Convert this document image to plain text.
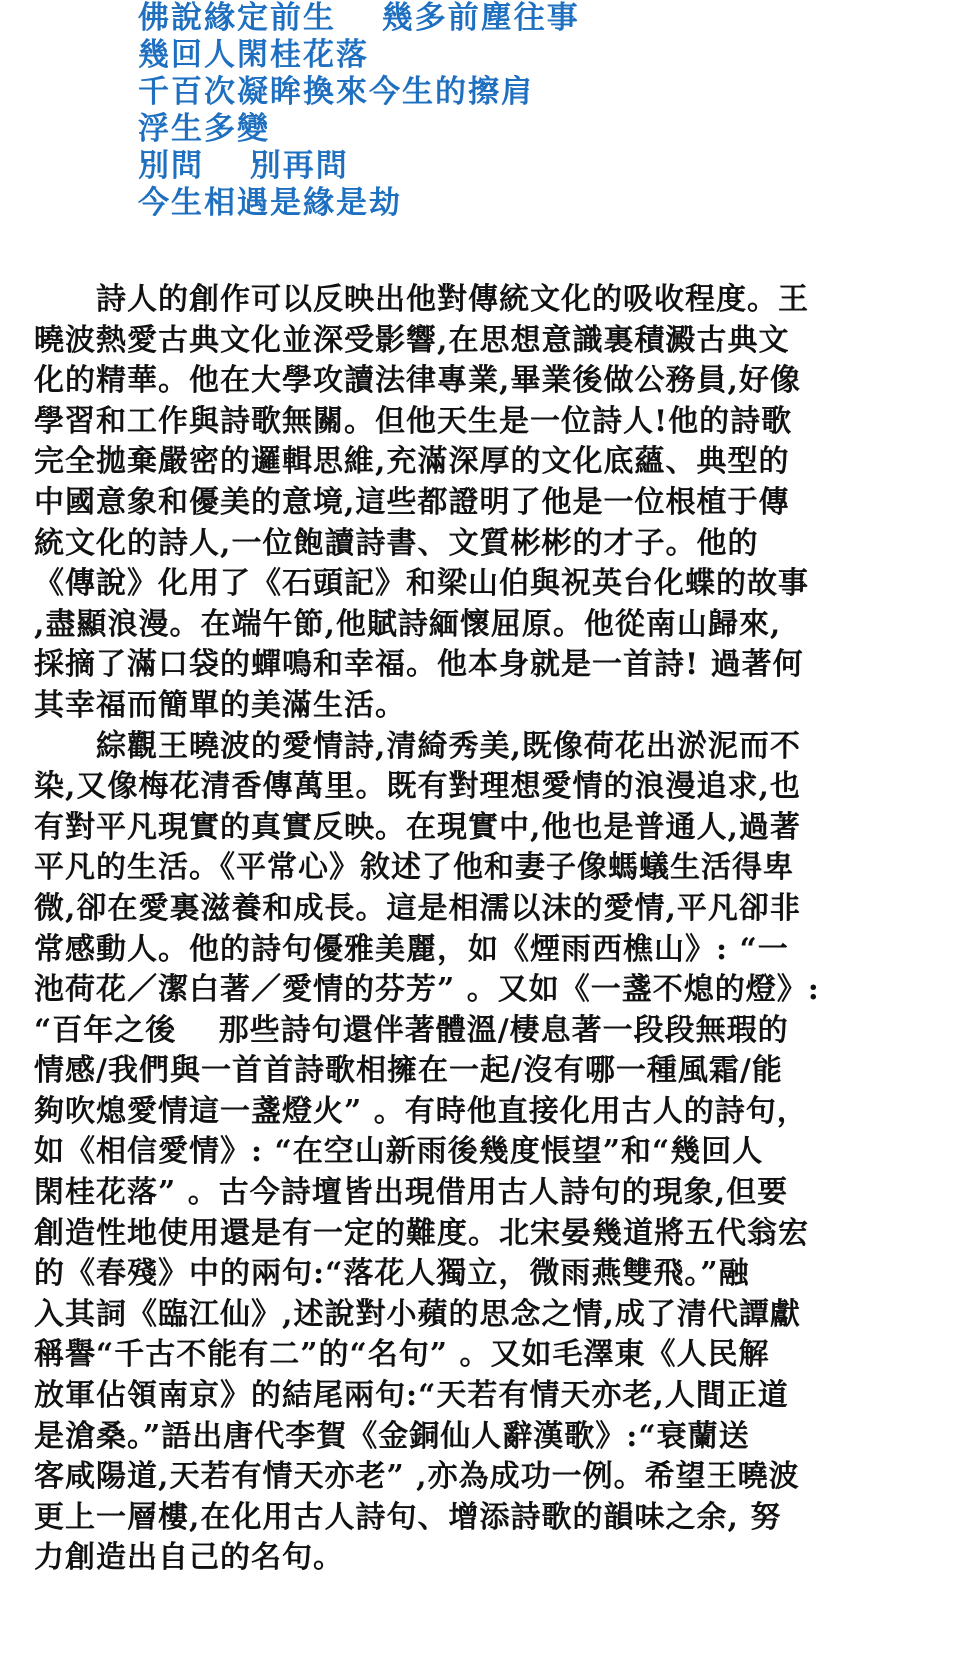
佛說緣定前生　 幾多前塵往事
幾回人閑桂花落
千百次凝眸換來今生的擦肩
浮生多變
別問　 別再問
今生相遇是緣是劫
　　詩人的創作可以反映出他對傳統文化的吸收程度。王
曉波熱愛古典文化並深受影響,在思想意識裏積澱古典文
化的精華。他在大學攻讀法律專業,畢業後做公務員,好像
學習和工作與詩歌無關。但他天生是一位詩人!他的詩歌
完全拋棄嚴密的邏輯思維,充滿深厚的文化底蘊、典型的
中國意象和優美的意境,這些都證明了他是一位根植于傳
統文化的詩人,一位飽讀詩書、文質彬彬的才子。他的
《傳說》化用了《石頭記》和梁山伯與祝英台化蝶的故事
,盡顯浪漫。在端午節,他賦詩緬懷屈原。他從南山歸來,
採摘了滿口袋的蟬鳴和幸福。他本身就是一首詩! 過著何
其幸福而簡單的美滿生活。
　　綜觀王曉波的愛情詩,清綺秀美,既像荷花出淤泥而不
染,又像梅花清香傳萬里。既有對理想愛情的浪漫追求,也
有對平凡現實的真實反映。在現實中,他也是普通人,過著
平凡的生活。《平常心》敘述了他和妻子像螞蟻生活得卑
微,卻在愛裏滋養和成長。這是相濡以沫的愛情,平凡卻非
常感動人。他的詩句優雅美麗，如《煙雨西樵山》: “一
池荷花／潔白著／愛情的芬芳” 。又如《一盞不熄的燈》:
“百年之後　 那些詩句還伴著體溫/棲息著一段段無瑕的
情感/我們與一首首詩歌相擁在一起/沒有哪一種風霜/能
夠吹熄愛情這一盞燈火” 。有時他直接化用古人的詩句，
如《相信愛情》: “在空山新雨後幾度悵望”和“幾回人
閑桂花落” 。古今詩壇皆出現借用古人詩句的現象,但要
創造性地使用還是有一定的難度。北宋晏幾道將五代翁宏
的《春殘》中的兩句:“落花人獨立，微雨燕雙飛。”融
入其詞《臨江仙》,述說對小蘋的思念之情,成了清代譚獻
稱譽“千古不能有二”的“名句” 。又如毛澤東《人民解
放軍佔領南京》的結尾兩句:“天若有情天亦老,人間正道
是滄桑。”語出唐代李賀《金銅仙人辭漢歌》:“衰蘭送
客咸陽道,天若有情天亦老” ,亦為成功一例。希望王曉波
更上一層樓,在化用古人詩句、增添詩歌的韻味之余, 努
力創造出自己的名句。
